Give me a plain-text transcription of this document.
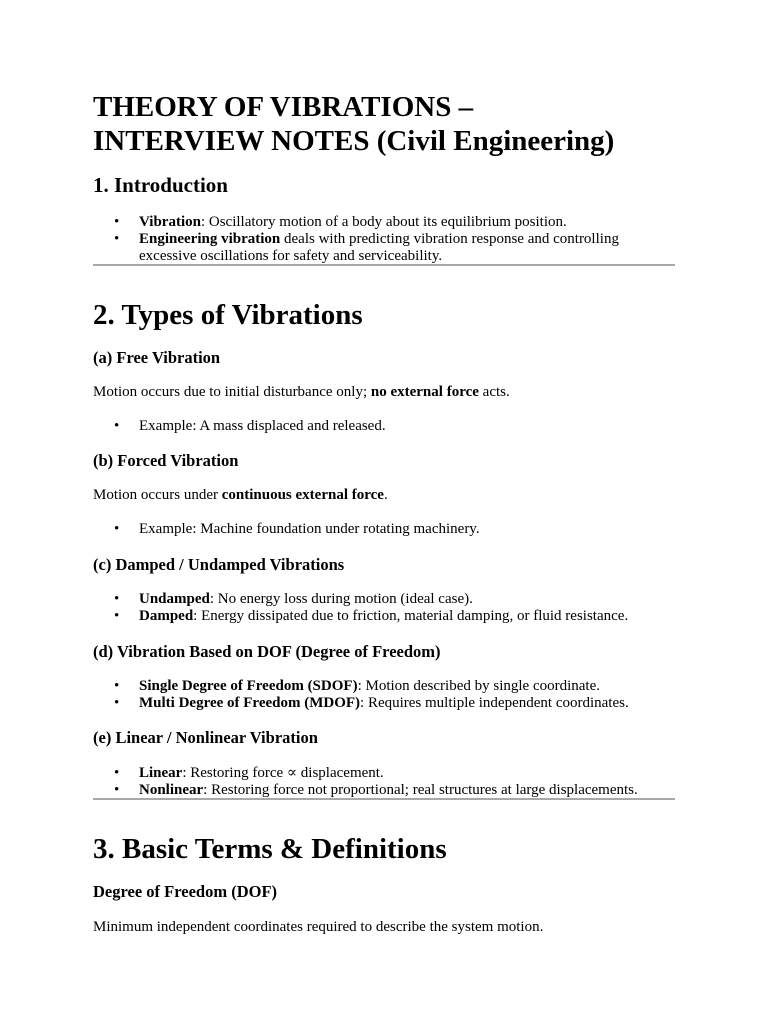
THEORY OF VIBRATIONS –
INTERVIEW NOTES (Civil Engineering)
1. Introduction
• Vibration: Oscillatory motion of a body about its equilibrium position.
• Engineering vibration deals with predicting vibration response and controlling excessive oscillations for safety and serviceability.
2. Types of Vibrations
(a) Free Vibration

Motion occurs due to initial disturbance only; no external force acts.

• Example: A mass displaced and released.
(b) Forced Vibration

Motion occurs under continuous external force.

• Example: Machine foundation under rotating machinery.
(c) Damped / Undamped Vibrations
• Undamped: No energy loss during motion (ideal case).
• Damped: Energy dissipated due to friction, material damping, or fluid resistance.
(d) Vibration Based on DOF (Degree of Freedom)
• Single Degree of Freedom (SDOF): Motion described by single coordinate.
• Multi Degree of Freedom (MDOF): Requires multiple independent coordinates.
(e) Linear / Nonlinear Vibration
• Linear: Restoring force ∝ displacement.
• Nonlinear: Restoring force not proportional; real structures at large displacements.
3. Basic Terms & Definitions
Degree of Freedom (DOF)

Minimum independent coordinates required to describe the system motion.
